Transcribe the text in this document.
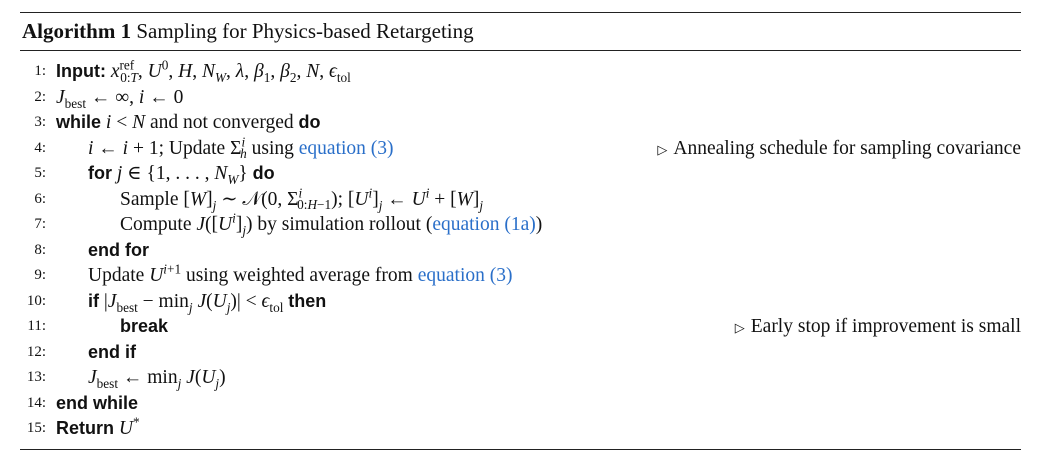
Algorithm 1 Sampling for Physics-based Retargeting
1: Input: $x^{ref}_{0:T}$, $U^0$, H, $N_W$, λ, $\beta_1$, $\beta_2$, N, $\epsilon_{tol}$
2: $J_{best}$ ← ∞, i ← 0
3: while i < N and not converged do
4: i ← i + 1; Update $\Sigma^i_h$ using equation (3)	▷ Annealing schedule for sampling covariance
5: for j ∈ {1, . . . , $N_W$} do
6:	Sample $[W]_j$ ∼ 𝒩(0, $\Sigma^i_{0:H-1}$); $[U^i]_j$ ← $U^i + [W]_j$
7:	Compute $J([U^i]_j)$ by simulation rollout (equation (1a))
8: end for
9: Update $U^{i+1}$ using weighted average from equation (3)
10: if $|J_{best} - \min_j J(U_j)| < \epsilon_{tol}$ then
11:	break	▷ Early stop if improvement is small
12: end if
13: $J_{best}$ ← $\min_j J(U_j)$
14: end while
15: Return U*
